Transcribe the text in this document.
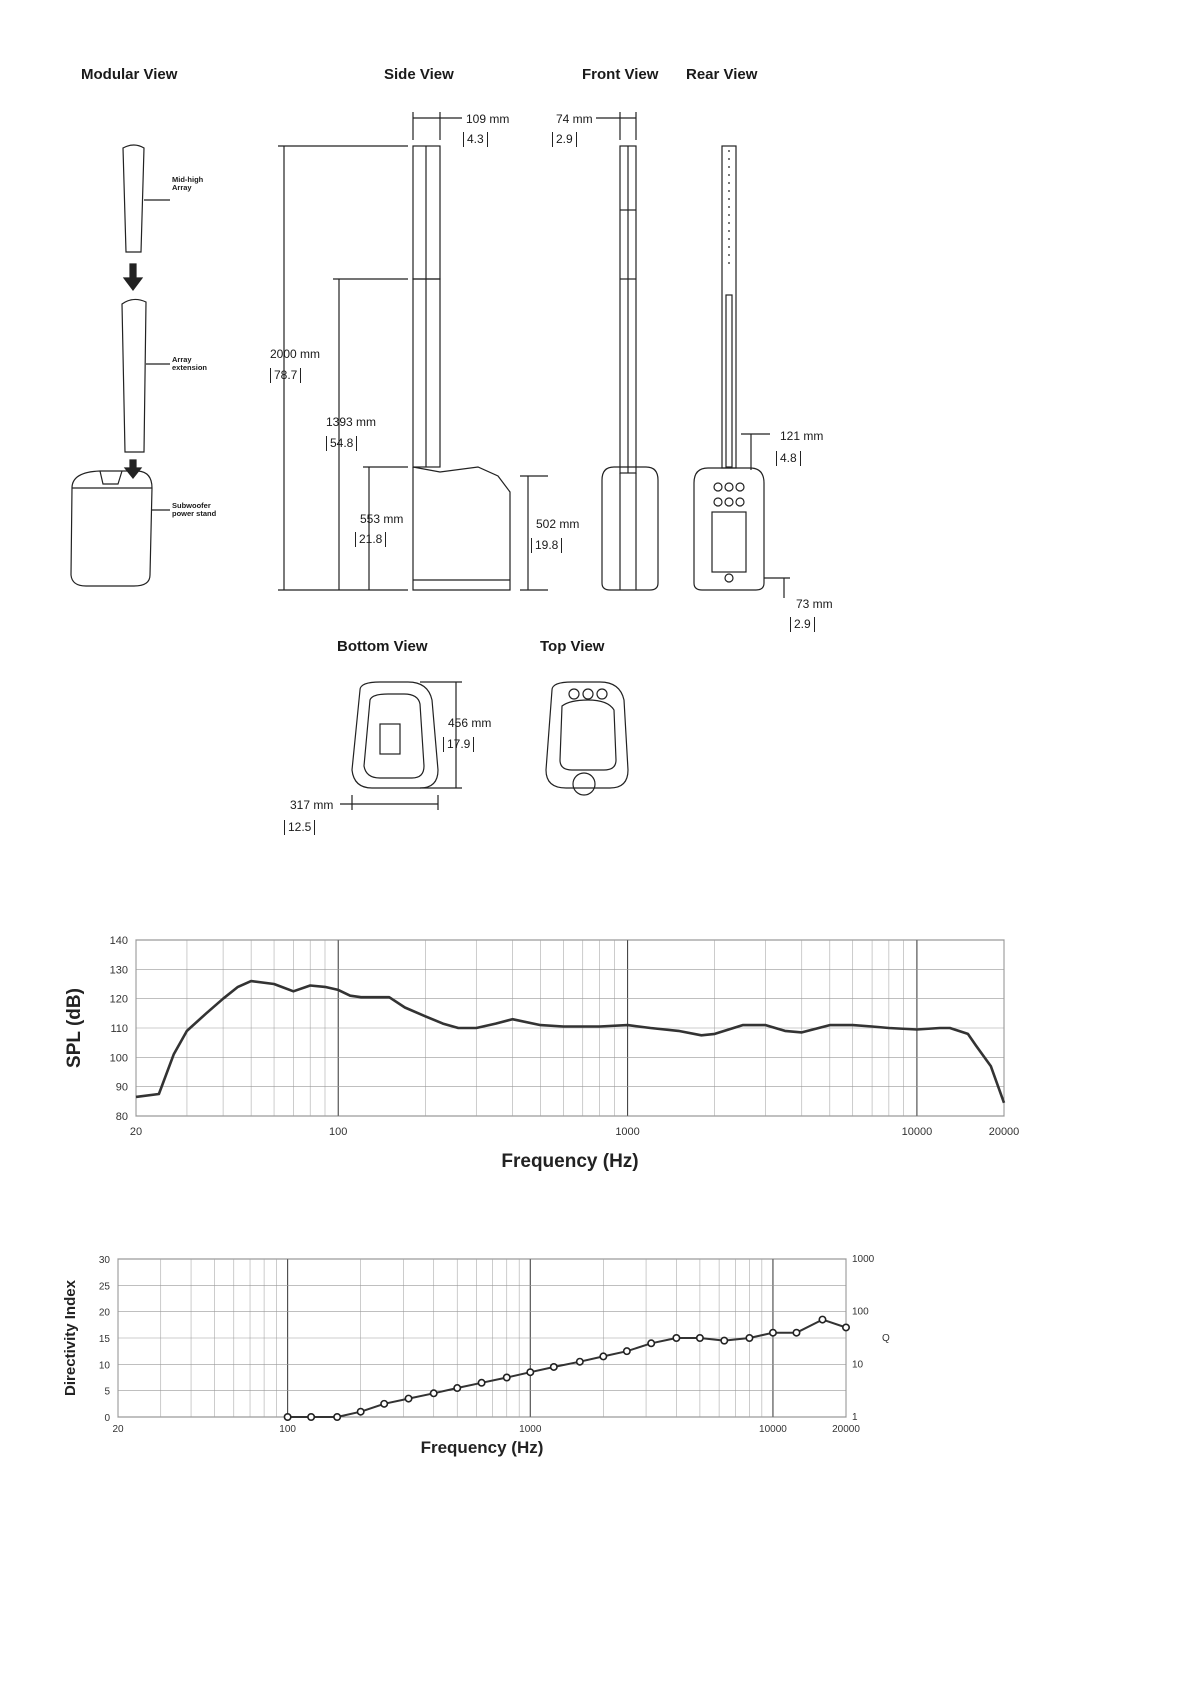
Modular View	Side View	Front View Rear View
Bottom View	Top View
Mid-high
Array
Array
extension
Subwoofer
power stand
109 mm
4.3
74 mm
2.9
2000 mm
78.7
1393 mm
54.8
553 mm
21.8
502 mm
19.8
121 mm
4.8
73 mm
2.9
456 mm
17.9
317 mm
12.5
80
90
100
110
120
130
140
20	100	1000	10000	20000
Frequency (Hz)
SPL (dB)
0
5
10
15
20
25
30
20	100	1000	10000	20000
1
10
100
1000
Q
Frequency (Hz)
Directivity Index
